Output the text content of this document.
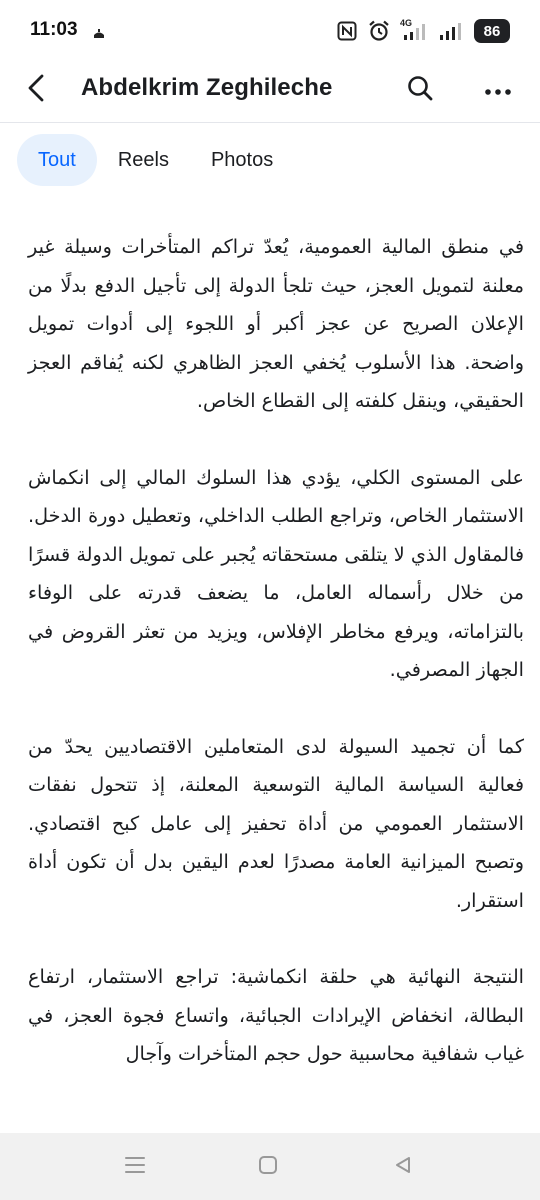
11:03	4G	86
Abdelkrim Zeghileche
Tout	Reels	Photos

في منطق المالية العمومية، يُعدّ تراكم المتأخرات وسيلة غير معلنة لتمويل العجز، حيث تلجأ الدولة إلى تأجيل الدفع بدلًا من الإعلان الصريح عن عجز أكبر أو اللجوء إلى أدوات تمويل واضحة. هذا الأسلوب يُخفي العجز الظاهري لكنه يُفاقم العجز الحقيقي، وينقل كلفته إلى القطاع الخاص.

على المستوى الكلي، يؤدي هذا السلوك المالي إلى انكماش الاستثمار الخاص، وتراجع الطلب الداخلي، وتعطيل دورة الدخل. فالمقاول الذي لا يتلقى مستحقاته يُجبر على تمويل الدولة قسرًا من خلال رأسماله العامل، ما يضعف قدرته على الوفاء بالتزاماته، ويرفع مخاطر الإفلاس، ويزيد من تعثر القروض في الجهاز المصرفي.

كما أن تجميد السيولة لدى المتعاملين الاقتصاديين يحدّ من فعالية السياسة المالية التوسعية المعلنة، إذ تتحول نفقات الاستثمار العمومي من أداة تحفيز إلى عامل كبح اقتصادي. وتصبح الميزانية العامة مصدرًا لعدم اليقين بدل أن تكون أداة استقرار.

النتيجة النهائية هي حلقة انكماشية: تراجع الاستثمار، ارتفاع البطالة، انخفاض الإيرادات الجبائية، واتساع فجوة العجز، في غياب شفافية محاسبية حول حجم المتأخرات وآجال
